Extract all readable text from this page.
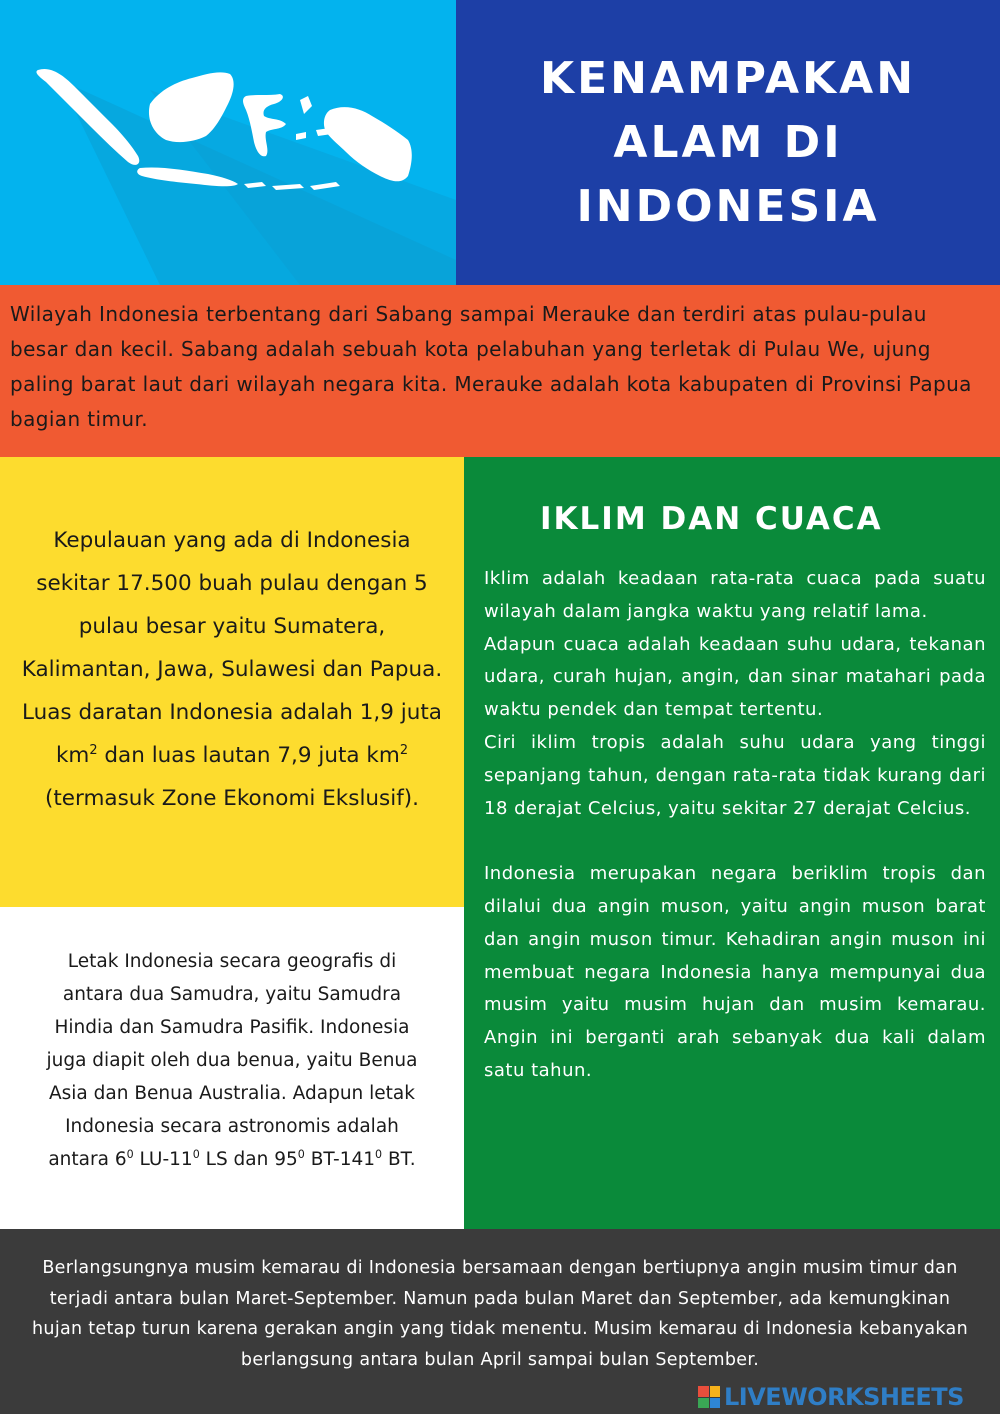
KENAMPAKAN ALAM DI INDONESIA

Wilayah Indonesia terbentang dari Sabang sampai Merauke dan terdiri atas pulau-pulau besar dan kecil. Sabang adalah sebuah kota pelabuhan yang terletak di Pulau We, ujung paling barat laut dari wilayah negara kita. Merauke adalah kota kabupaten di Provinsi Papua bagian timur.

Kepulauan yang ada di Indonesia sekitar 17.500 buah pulau dengan 5 pulau besar yaitu Sumatera, Kalimantan, Jawa, Sulawesi dan Papua. Luas daratan Indonesia adalah 1,9 juta $km^2$ dan luas lautan 7,9 juta $km^2$ (termasuk Zone Ekonomi Ekslusif).

Letak Indonesia secara geografis di antara dua Samudra, yaitu Samudra Hindia dan Samudra Pasifik. Indonesia juga diapit oleh dua benua, yaitu Benua Asia dan Benua Australia. Adapun letak Indonesia secara astronomis adalah antara $6^0$ $LU-11^0$ LS dan $95^0$ $BT-141^0$ BT.

IKLIM DAN CUACA

Iklim adalah keadaan rata-rata cuaca pada suatu wilayah dalam jangka waktu yang relatif lama.

Adapun cuaca adalah keadaan suhu udara, tekanan udara, curah hujan, angin, dan sinar matahari pada waktu pendek dan tempat tertentu.

Ciri iklim tropis adalah suhu udara yang tinggi sepanjang tahun, dengan rata-rata tidak kurang dari 18 derajat Celcius, yaitu sekitar 27 derajat Celcius.

Indonesia merupakan negara beriklim tropis dan dilalui dua angin muson, yaitu angin muson barat dan angin muson timur. Kehadiran angin muson ini membuat negara Indonesia hanya mempunyai dua musim yaitu musim hujan dan musim kemarau. Angin ini berganti arah sebanyak dua kali dalam satu tahun.

Berlangsungnya musim kemarau di Indonesia bersamaan dengan bertiupnya angin musim timur dan terjadi antara bulan Maret-September. Namun pada bulan Maret dan September, ada kemungkinan hujan tetap turun karena gerakan angin yang tidak menentu. Musim kemarau di Indonesia kebanyakan berlangsung antara bulan April sampai bulan September.

LIVEWORKSHEETS
